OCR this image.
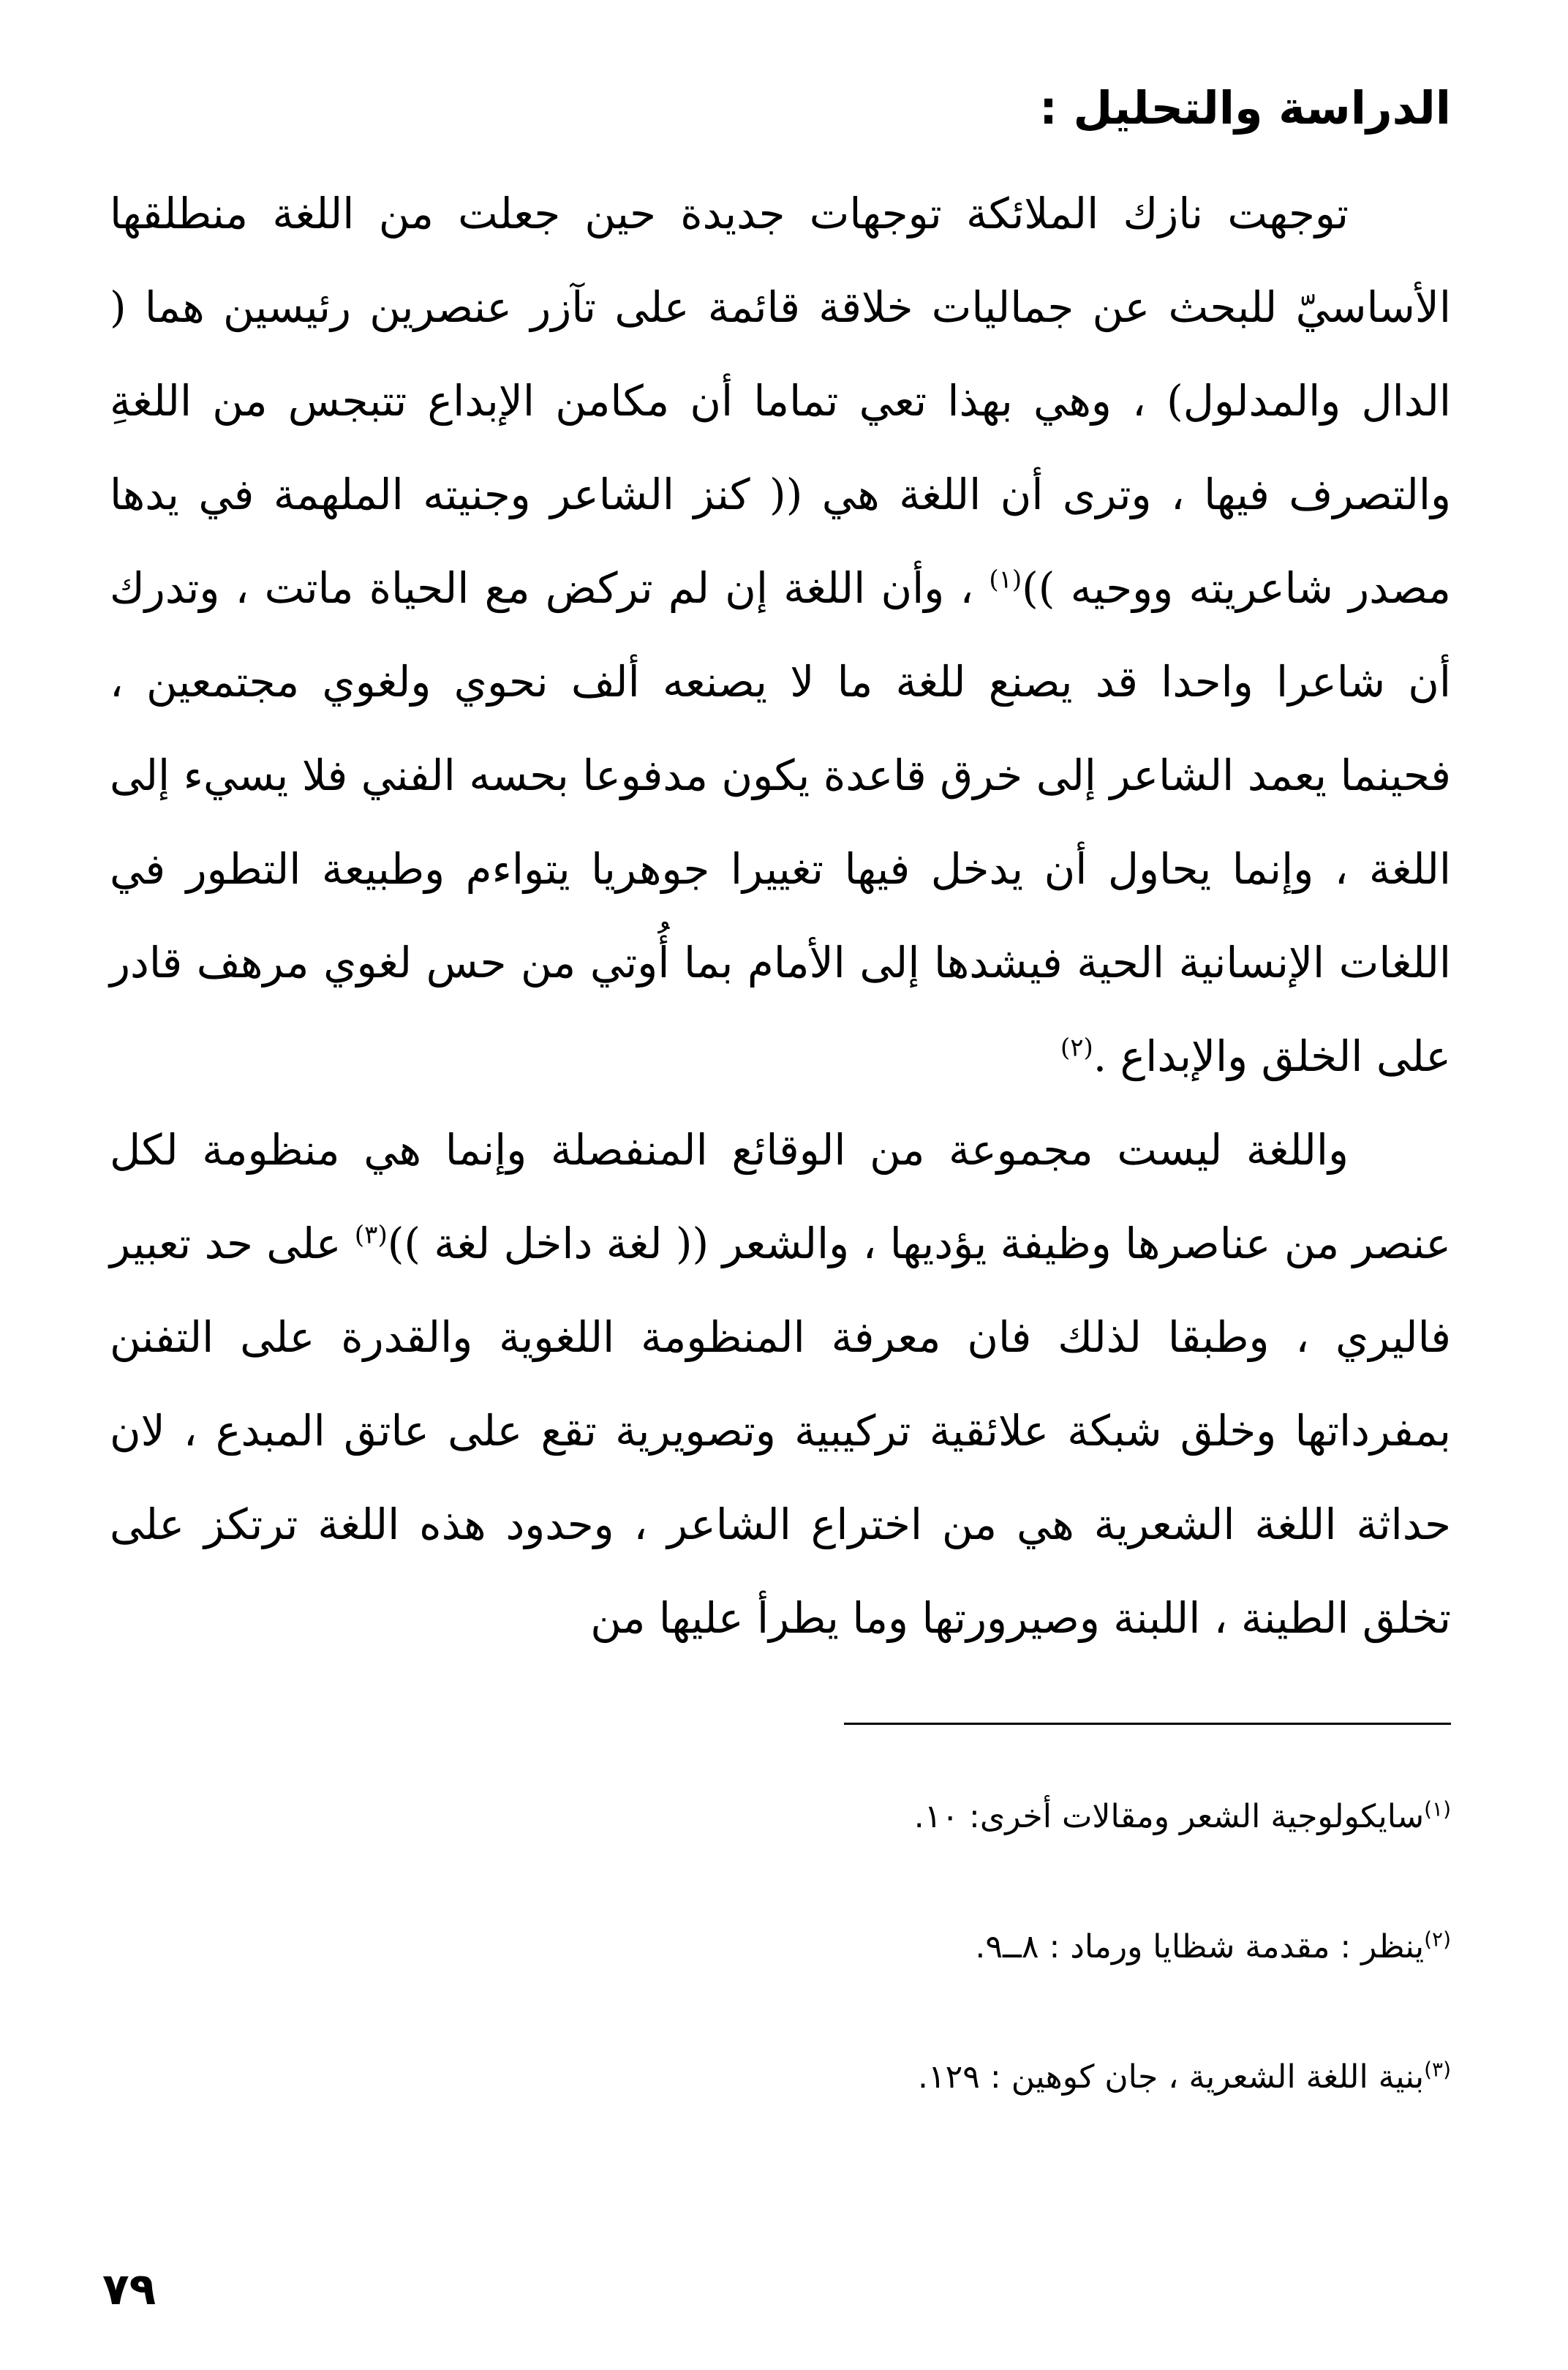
الدراسة والتحليل :

توجهت نازك الملائكة توجهات جديدة حين جعلت من اللغة منطلقها الأساسيّ للبحث عن جماليات خلاقة قائمة على تآزر عنصرين رئيسين هما ( الدال والمدلول) ، وهي بهذا تعي تماما أن مكامن الإبداع تتبجس من اللغةِ والتصرف فيها ، وترى أن اللغة هي (( كنز الشاعر وجنيته الملهمة في يدها مصدر شاعريته ووحيه ))$^{(١)}$ ، وأن اللغة إن لم تركض مع الحياة ماتت ، وتدرك أن شاعرا واحدا قد يصنع للغة ما لا يصنعه ألف نحوي ولغوي مجتمعين ، فحينما يعمد الشاعر إلى خرق قاعدة يكون مدفوعا بحسه الفني فلا يسيء إلى اللغة ، وإنما يحاول أن يدخل فيها تغييرا جوهريا يتواءم وطبيعة التطور في اللغات الإنسانية الحية فيشدها إلى الأمام بما أُوتي من حس لغوي مرهف قادر على الخلق والإبداع .$^{(٢)}$

واللغة ليست مجموعة من الوقائع المنفصلة وإنما هي منظومة لكل عنصر من عناصرها وظيفة يؤديها ، والشعر (( لغة داخل لغة ))$^{(٣)}$ على حد تعبير فاليري ، وطبقا لذلك فان معرفة المنظومة اللغوية والقدرة على التفنن بمفرداتها وخلق شبكة علائقية تركيبية وتصويرية تقع على عاتق المبدع ، لان حداثة اللغة الشعرية هي من اختراع الشاعر ، وحدود هذه اللغة ترتكز على تخلق الطينة ، اللبنة وصيرورتها وما يطرأ عليها من

$^{(١)}$سايكولوجية الشعر ومقالات أخرى: ١٠.

$^{(٢)}$ينظر : مقدمة شظايا ورماد : ٨ــ٩.

$^{(٣)}$بنية اللغة الشعرية ، جان كوهين : ١٢٩.

٧٩
